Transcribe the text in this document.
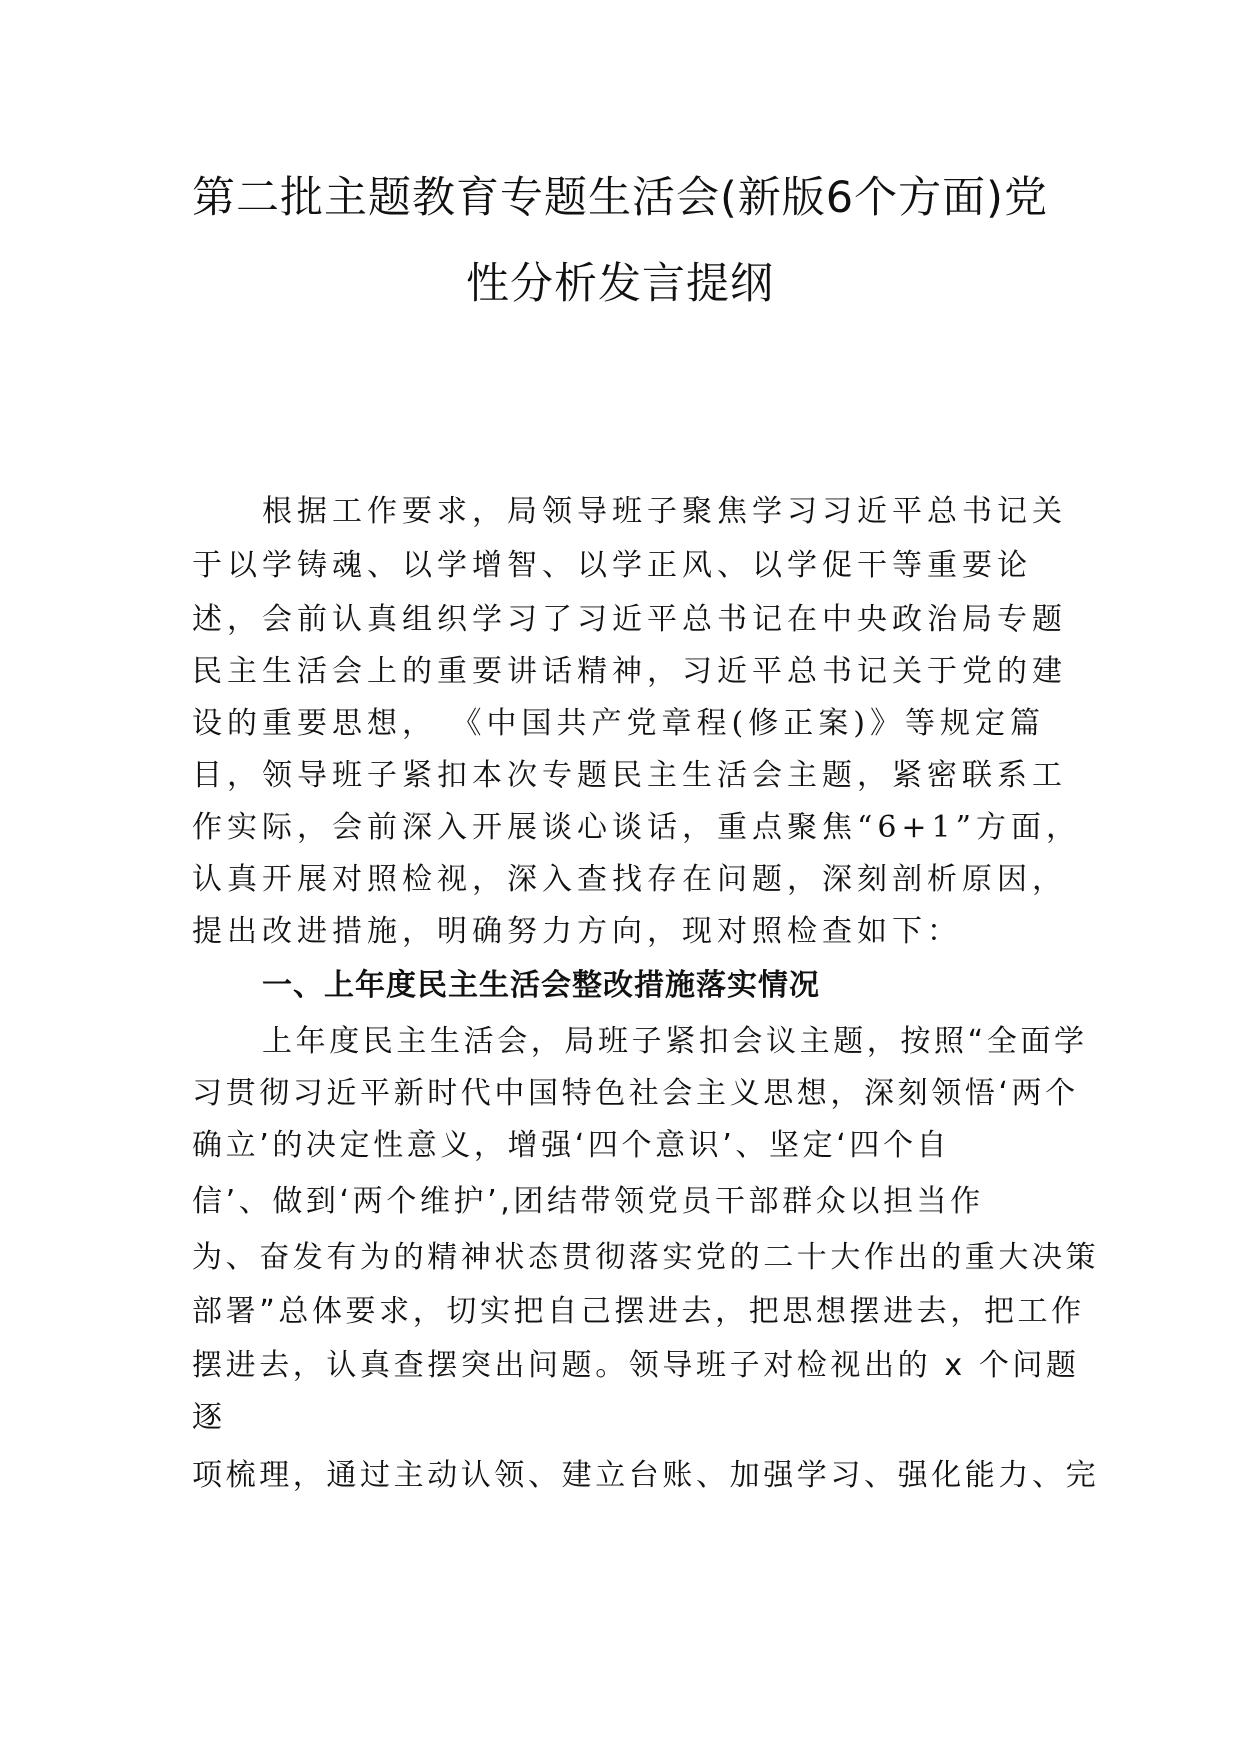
第二批主题教育专题生活会(新版6个方面)党
性分析发言提纲

根据工作要求，局领导班子聚焦学习习近平总书记关

于以学铸魂、以学增智、以学正风、以学促干等重要论

述，会前认真组织学习了习近平总书记在中央政治局专题

民主生活会上的重要讲话精神，习近平总书记关于党的建

设的重要思想， 《中国共产党章程(修正案)》等规定篇

目，领导班子紧扣本次专题民主生活会主题，紧密联系工

作实际，会前深入开展谈心谈话，重点聚焦“6+1”方面，

认真开展对照检视，深入查找存在问题，深刻剖析原因，

提出改进措施，明确努力方向，现对照检查如下：

一、上年度民主生活会整改措施落实情况

上年度民主生活会，局班子紧扣会议主题，按照“全面学

习贯彻习近平新时代中国特色社会主义思想，深刻领悟‘两个

确立’的决定性意义，增强‘四个意识’、坚定‘四个自

信’、做到‘两个维护’,团结带领党员干部群众以担当作

为、奋发有为的精神状态贯彻落实党的二十大作出的重大决策

部署”总体要求，切实把自己摆进去，把思想摆进去，把工作

摆进去，认真查摆突出问题。领导班子对检视出的 x 个问题

逐

项梳理，通过主动认领、建立台账、加强学习、强化能力、完
